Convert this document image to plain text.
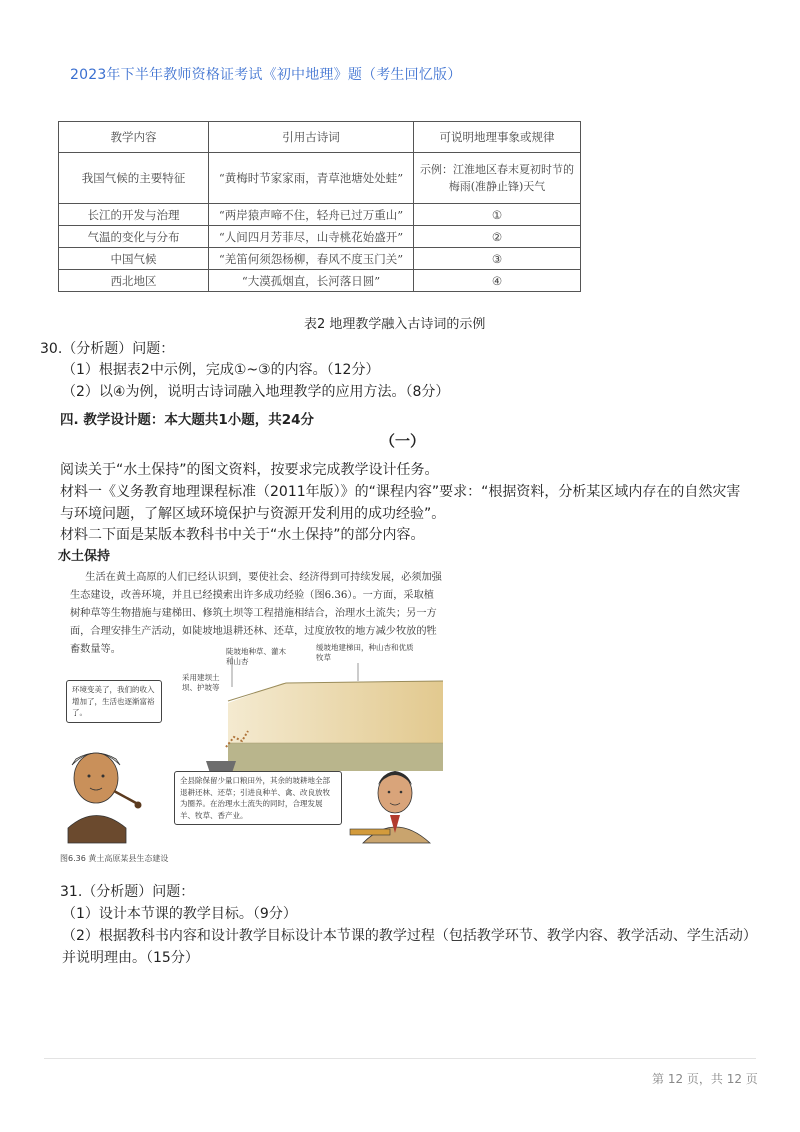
2023年下半年教师资格证考试《初中地理》题（考生回忆版）
教学内容	引用古诗词	可说明地理事象或规律
我国气候的主要特征	“黄梅时节家家雨，青草池塘处处蛙”	示例：江淮地区春末夏初时节的梅雨(准静止锋)天气
长江的开发与治理	“两岸猿声啼不住，轻舟已过万重山”	①
气温的变化与分布	“人间四月芳菲尽，山寺桃花始盛开”	②
中国气候	“羌笛何须怨杨柳，春风不度玉门关”	③
西北地区	“大漠孤烟直，长河落日圆”	④
表2 地理教学融入古诗词的示例
30.（分析题）问题：
（1）根据表2中示例，完成①~③的内容。（12分）
（2）以④为例，说明古诗词融入地理教学的应用方法。（8分）
四. 教学设计题：本大题共1小题，共24分
（一）
阅读关于“水土保持”的图文资料，按要求完成教学设计任务。
材料一《义务教育地理课程标准（2011年版）》的“课程内容”要求：“根据资料，分析某区域内存在的自然灾害与环境问题，了解区域环境保护与资源开发利用的成功经验”。
材料二下面是某版本教科书中关于“水土保持”的部分内容。
水土保持
生活在黄土高原的人们已经认识到，要使社会、经济得到可持续发展，必须加强生态建设，改善环境，并且已经摸索出许多成功经验（图6.36）。一方面，采取植树种草等生物措施与建梯田、修筑土坝等工程措施相结合，治理水土流失；另一方面，合理安排生产活动，如陡坡地退耕还林、还草，过度放牧的地方减少牧放的牲畜数量等。	陡坡地种草、灌木和山杏
缓坡地建梯田，种山杏和优质牧草
采用建坝土坝、护坡等
环境变美了，我们的收入增加了，生活也逐渐富裕了。
全县除保留少量口粮田外，其余的坡耕地全部退耕还林、还草；引进良种羊、禽、改良放牧为圈养。在治理水土流失的同时，合理发展羊、牧草、香产业。
图6.36 黄土高原某县生态建设
31.（分析题）问题：
（1）设计本节课的教学目标。（9分）
（2）根据教科书内容和设计教学目标设计本节课的教学过程（包括教学环节、教学内容、教学活动、学生活动）并说明理由。（15分）
第 12 页，共 12 页
